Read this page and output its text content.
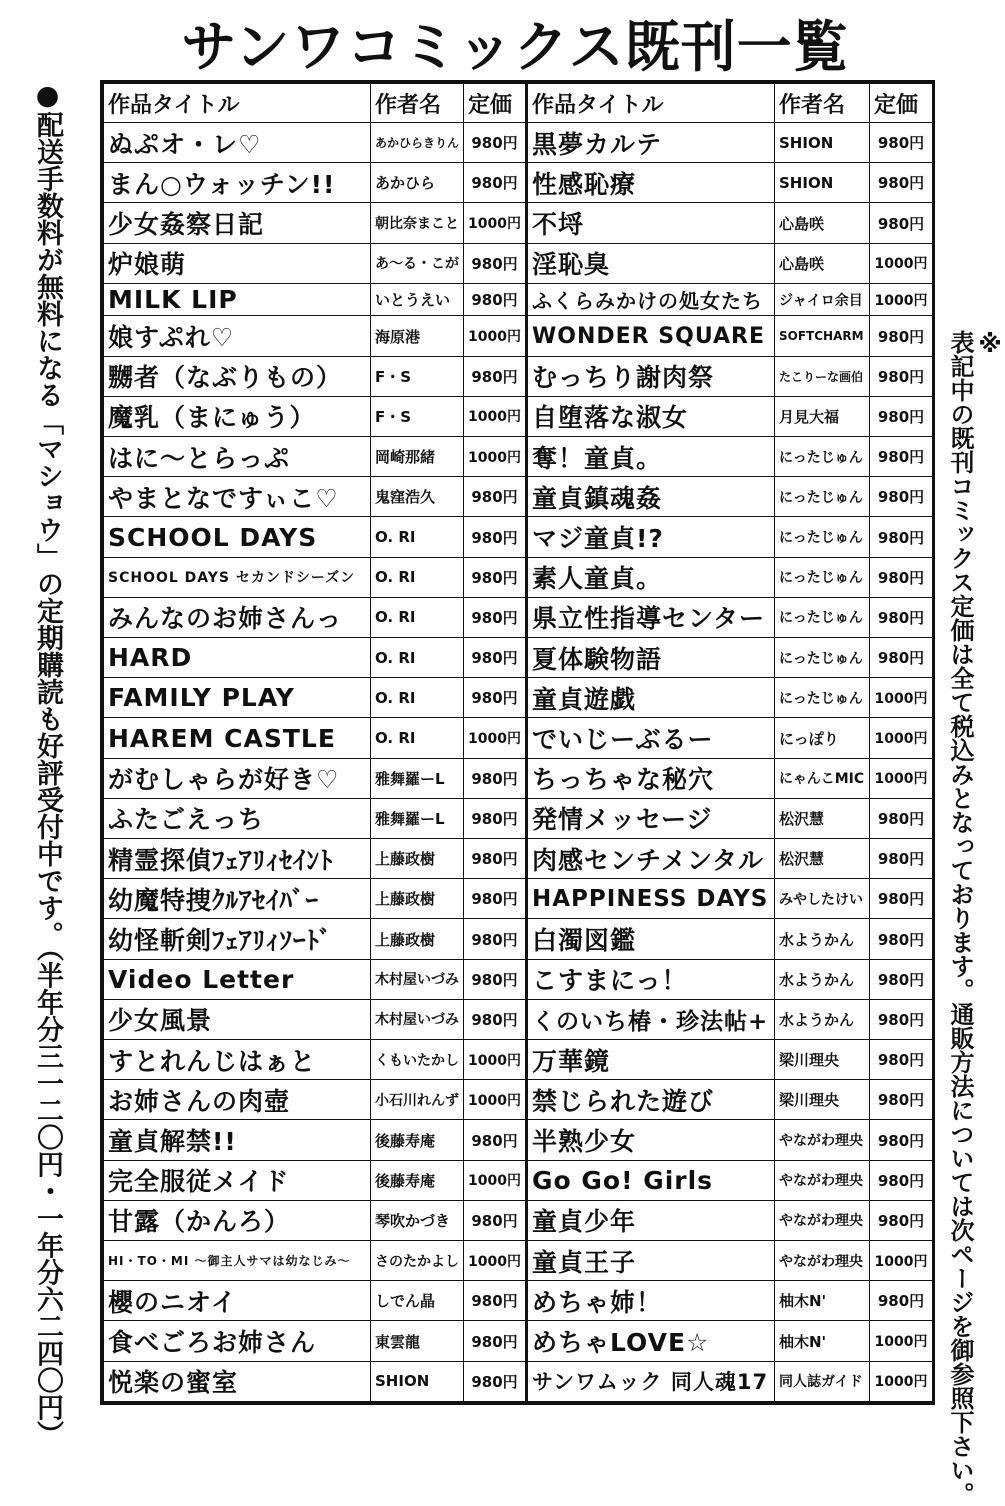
サンワコミックス既刊一覧
●配送手数料が無料になる「マショウ」の定期購読も好評受付中です。（半年分三一二〇円・一年分六二四〇円）	※
表記中の既刊コミックス定価は全て税込みとなっております。通販方法については次ページを御参照下さい。
作品タイトル	作者名	定価	作品タイトル	作者名	定価
ぬぷオ・レ♡	あかひらきりん	980円	黒夢カルテ	SHION	980円
まん○ウォッチン!!	あかひら	980円	性感恥療	SHION	980円
少女姦察日記	朝比奈まこと	1000円	不埒	心島咲	980円
炉娘萌	あ～る・こが	980円	淫恥臭	心島咲	1000円
MILK LIP	いとうえい	980円	ふくらみかけの処女たち	ジャイロ余目	1000円
娘すぷれ♡	海原港	1000円	WONDER SQUARE	SOFTCHARM	980円
嬲者（なぶりもの）	F・S	980円	むっちり謝肉祭	たこりーな画伯	980円
魔乳（まにゅう）	F・S	1000円	自堕落な淑女	月見大福	980円
はに～とらっぷ	岡崎那緒	1000円	奪！童貞。	にったじゅん	980円
やまとなですぃこ♡	鬼窪浩久	980円	童貞鎮魂姦	にったじゅん	980円
SCHOOL DAYS	O. RI	980円	マジ童貞!?	にったじゅん	980円
SCHOOL DAYS セカンドシーズン	O. RI	980円	素人童貞。	にったじゅん	980円
みんなのお姉さんっ	O. RI	980円	県立性指導センター	にったじゅん	980円
HARD	O. RI	980円	夏体験物語	にったじゅん	980円
FAMILY PLAY	O. RI	980円	童貞遊戯	にったじゅん	1000円
HAREM CASTLE	O. RI	1000円	でいじーぶるー	にっぽり	1000円
がむしゃらが好き♡	雅舞羅ーL	980円	ちっちゃな秘穴	にゃんこMIC	1000円
ふたごえっち	雅舞羅ーL	980円	発情メッセージ	松沢慧	980円
精霊探偵ﾌｪｱﾘｨｾｲﾝﾄ	上藤政樹	980円	肉感センチメンタル	松沢慧	980円
幼魔特捜ｸﾙｱｾｲﾊﾞｰ	上藤政樹	980円	HAPPINESS DAYS	みやしたけい	980円
幼怪斬剣ﾌｪｱﾘｨｿｰﾄﾞ	上藤政樹	980円	白濁図鑑	水ようかん	980円
Video Letter	木村屋いづみ	980円	こすまにっ！	水ようかん	980円
少女風景	木村屋いづみ	980円	くのいち椿・珍法帖+	水ようかん	980円
すとれんじはぁと	くもいたかし	1000円	万華鏡	梁川理央	980円
お姉さんの肉壺	小石川れんず	1000円	禁じられた遊び	梁川理央	980円
童貞解禁!!	後藤寿庵	980円	半熟少女	やながわ理央	980円
完全服従メイド	後藤寿庵	1000円	Go Go! Girls	やながわ理央	980円
甘露（かんろ）	琴吹かづき	980円	童貞少年	やながわ理央	980円
HI・TO・MI ～御主人サマは幼なじみ～	さのたかよし	1000円	童貞王子	やながわ理央	1000円
櫻のニオイ	しでん晶	980円	めちゃ姉！	柚木N'	980円
食べごろお姉さん	東雲龍	980円	めちゃLOVE☆	柚木N'	1000円
悦楽の蜜室	SHION	980円	サンワムック 同人魂17	同人誌ガイド	1000円
